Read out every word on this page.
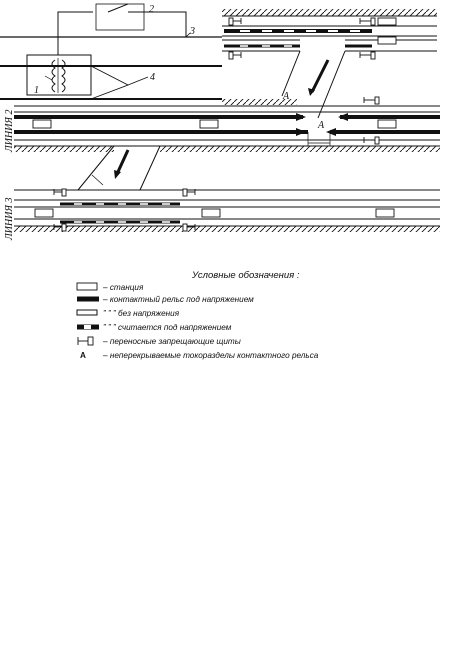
2
3
4
1
A
A
ЛИНИЯ 2
ЛИНИЯ 3
Условные обозначения :
– станция
– контактный рельс под напряжением
” ” ” без напряжения
” ” ” считается под напряжением
– переносные запрещающие щиты
A – неперекрываемые токоразделы контактного рельса
